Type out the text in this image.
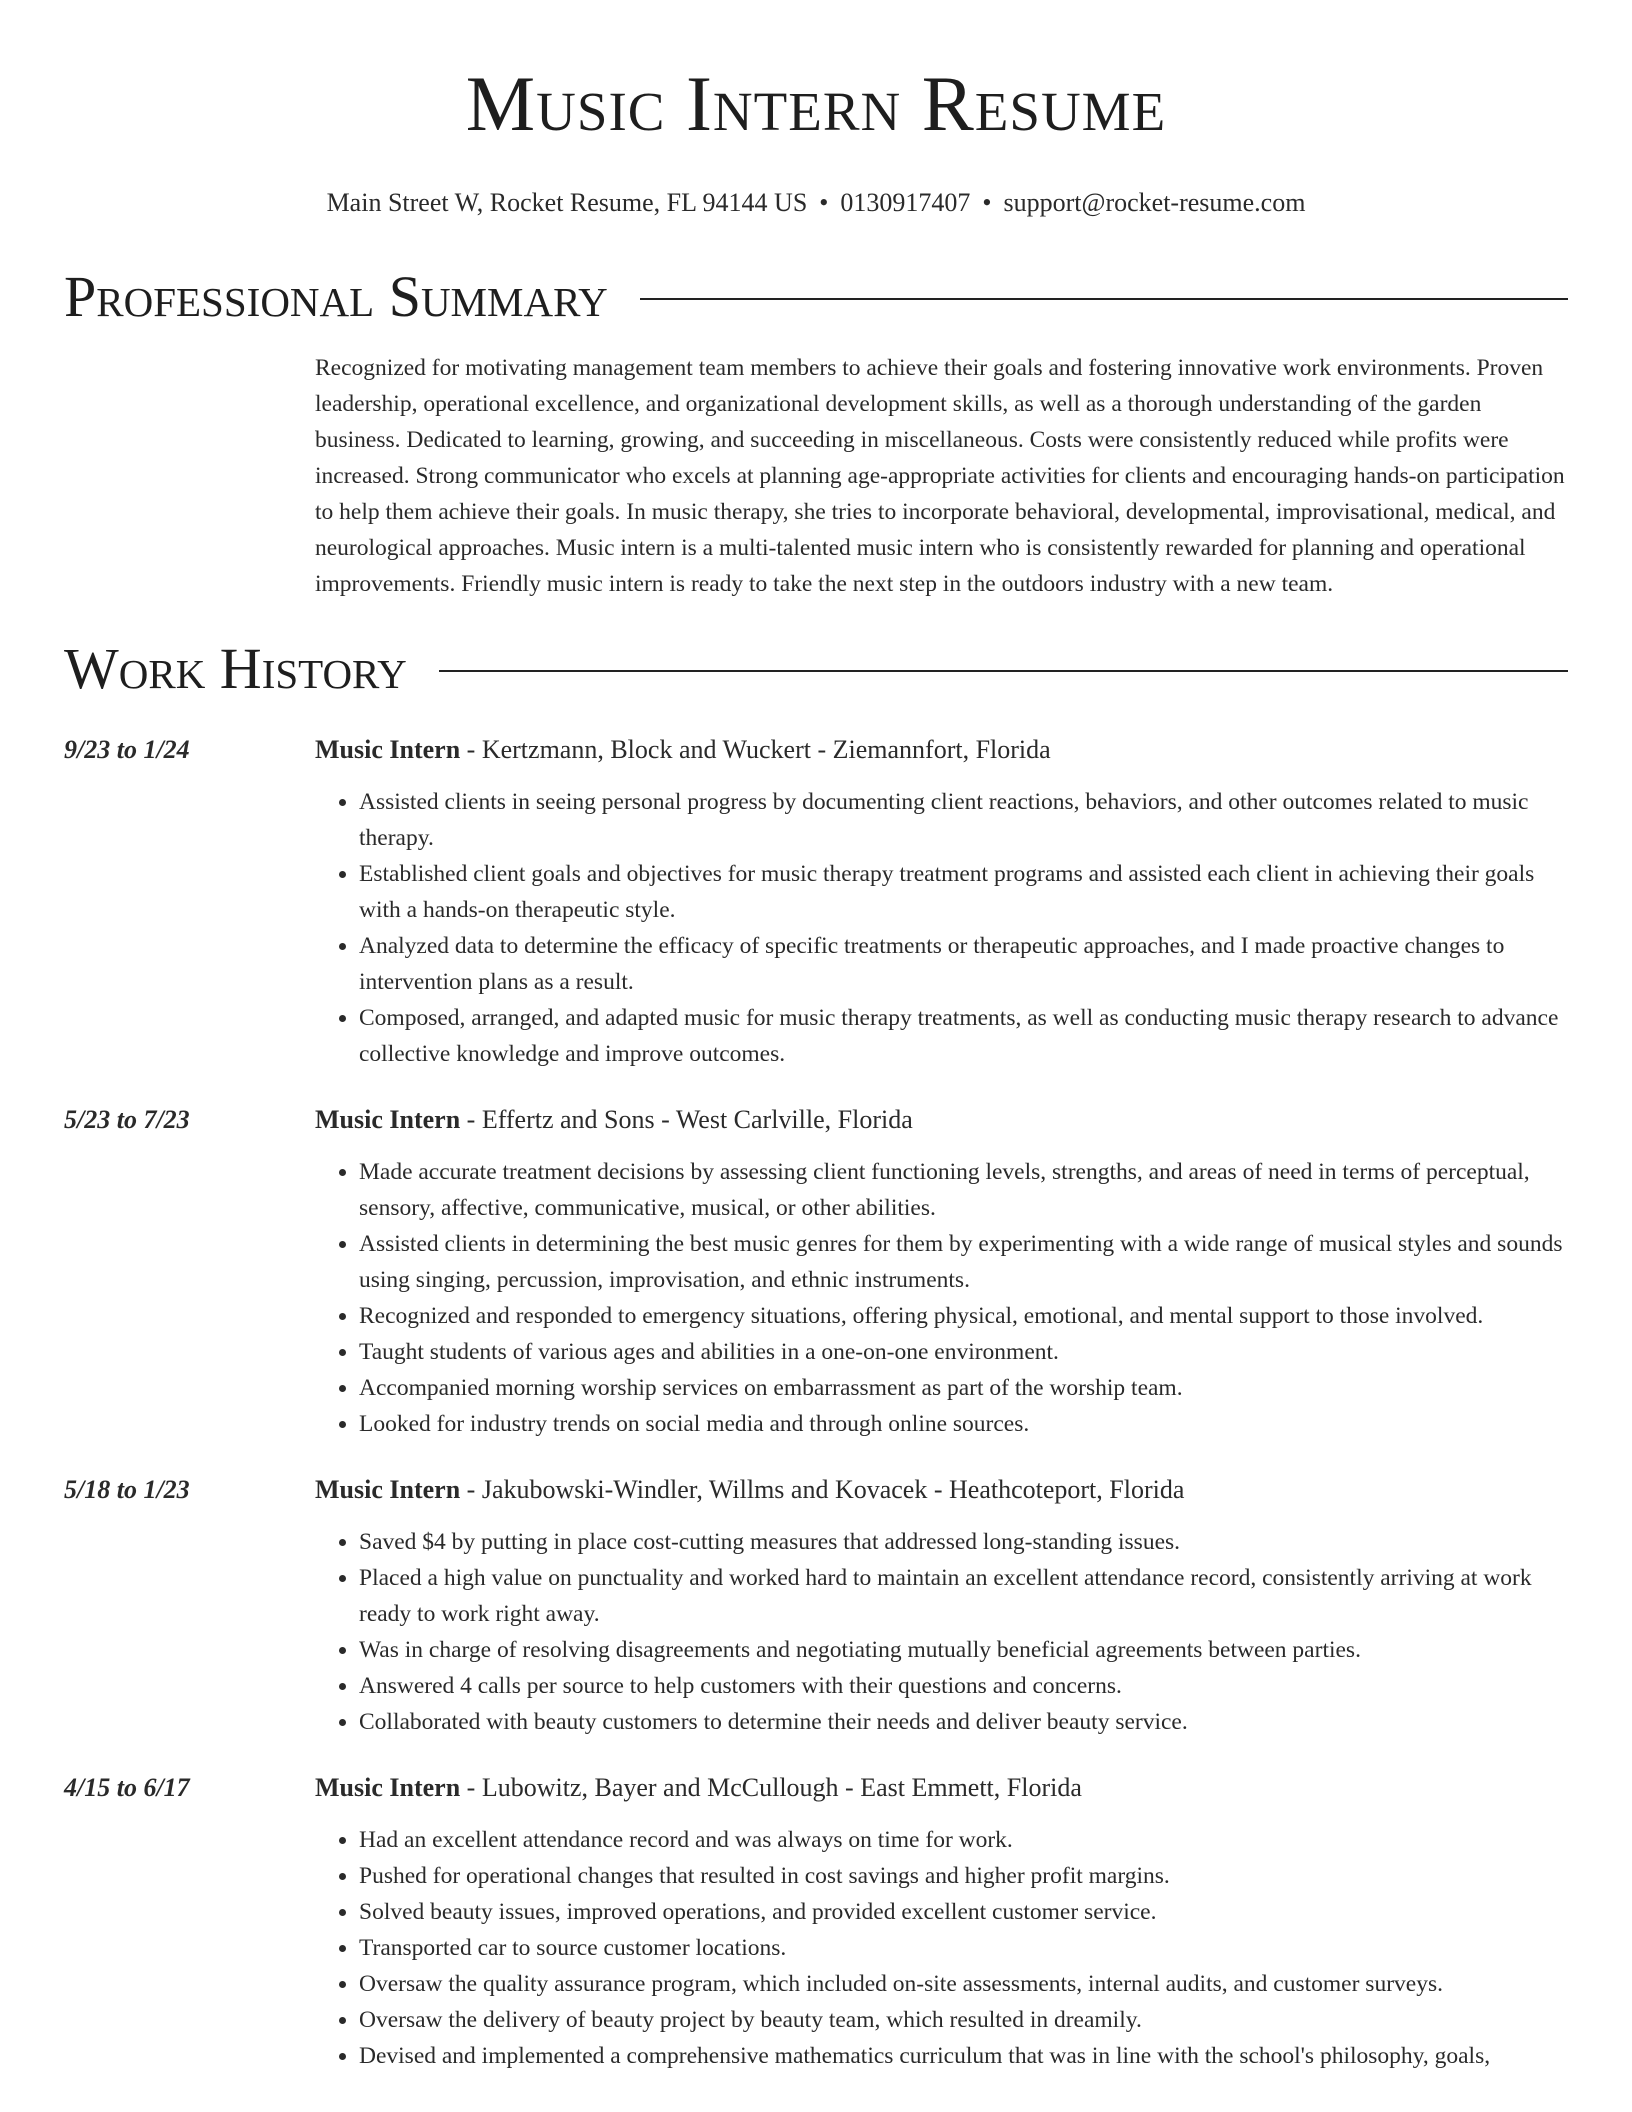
Music Intern Resume
Main Street W, Rocket Resume, FL 94144 US • 0130917407 • support@rocket-resume.com
Professional Summary
Recognized for motivating management team members to achieve their goals and fostering innovative work environments. Proven leadership, operational excellence, and organizational development skills, as well as a thorough understanding of the garden business. Dedicated to learning, growing, and succeeding in miscellaneous. Costs were consistently reduced while profits were increased. Strong communicator who excels at planning age-appropriate activities for clients and encouraging hands-on participation to help them achieve their goals. In music therapy, she tries to incorporate behavioral, developmental, improvisational, medical, and neurological approaches. Music intern is a multi-talented music intern who is consistently rewarded for planning and operational improvements. Friendly music intern is ready to take the next step in the outdoors industry with a new team.
Work History
9/23 to 1/24	Music Intern - Kertzmann, Block and Wuckert - Ziemannfort, Florida
• Assisted clients in seeing personal progress by documenting client reactions, behaviors, and other outcomes related to music therapy.
• Established client goals and objectives for music therapy treatment programs and assisted each client in achieving their goals with a hands-on therapeutic style.
• Analyzed data to determine the efficacy of specific treatments or therapeutic approaches, and I made proactive changes to intervention plans as a result.
• Composed, arranged, and adapted music for music therapy treatments, as well as conducting music therapy research to advance collective knowledge and improve outcomes.
5/23 to 7/23	Music Intern - Effertz and Sons - West Carlville, Florida
• Made accurate treatment decisions by assessing client functioning levels, strengths, and areas of need in terms of perceptual, sensory, affective, communicative, musical, or other abilities.
• Assisted clients in determining the best music genres for them by experimenting with a wide range of musical styles and sounds using singing, percussion, improvisation, and ethnic instruments.
• Recognized and responded to emergency situations, offering physical, emotional, and mental support to those involved.
• Taught students of various ages and abilities in a one-on-one environment.
• Accompanied morning worship services on embarrassment as part of the worship team.
• Looked for industry trends on social media and through online sources.
5/18 to 1/23	Music Intern - Jakubowski-Windler, Willms and Kovacek - Heathcoteport, Florida
• Saved $4 by putting in place cost-cutting measures that addressed long-standing issues.
• Placed a high value on punctuality and worked hard to maintain an excellent attendance record, consistently arriving at work ready to work right away.
• Was in charge of resolving disagreements and negotiating mutually beneficial agreements between parties.
• Answered 4 calls per source to help customers with their questions and concerns.
• Collaborated with beauty customers to determine their needs and deliver beauty service.
4/15 to 6/17	Music Intern - Lubowitz, Bayer and McCullough - East Emmett, Florida
• Had an excellent attendance record and was always on time for work.
• Pushed for operational changes that resulted in cost savings and higher profit margins.
• Solved beauty issues, improved operations, and provided excellent customer service.
• Transported car to source customer locations.
• Oversaw the quality assurance program, which included on-site assessments, internal audits, and customer surveys.
• Oversaw the delivery of beauty project by beauty team, which resulted in dreamily.
• Devised and implemented a comprehensive mathematics curriculum that was in line with the school's philosophy, goals,
